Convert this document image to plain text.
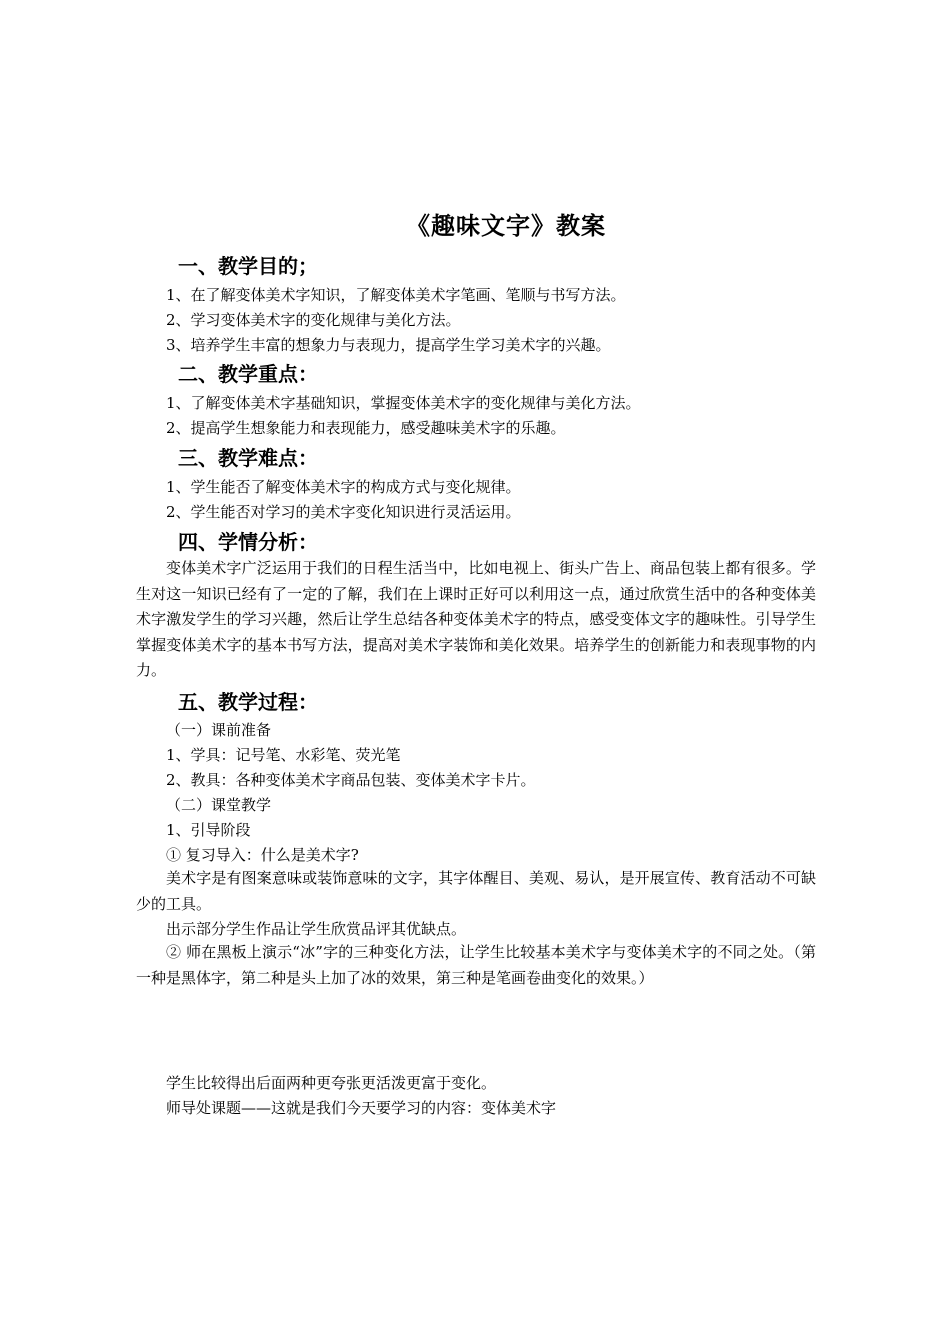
《趣味文字》教案
一、教学目的；
1、在了解变体美术字知识，了解变体美术字笔画、笔顺与书写方法。
2、学习变体美术字的变化规律与美化方法。
3、培养学生丰富的想象力与表现力，提高学生学习美术字的兴趣。
二、教学重点：
1、了解变体美术字基础知识，掌握变体美术字的变化规律与美化方法。
2、提高学生想象能力和表现能力，感受趣味美术字的乐趣。
三、教学难点：
1、学生能否了解变体美术字的构成方式与变化规律。
2、学生能否对学习的美术字变化知识进行灵活运用。
四、学情分析：
变体美术字广泛运用于我们的日程生活当中，比如电视上、街头广告上、商品包装上都有很多。学生对这一知识已经有了一定的了解，我们在上课时正好可以利用这一点，通过欣赏生活中的各种变体美术字激发学生的学习兴趣，然后让学生总结各种变体美术字的特点，感受变体文字的趣味性。引导学生掌握变体美术字的基本书写方法，提高对美术字装饰和美化效果。培养学生的创新能力和表现事物的内力。
五、教学过程：
（一）课前准备
1、学具：记号笔、水彩笔、荧光笔
2、教具：各种变体美术字商品包装、变体美术字卡片。
（二）课堂教学
1、引导阶段
① 复习导入：什么是美术字?
美术字是有图案意味或装饰意味的文字，其字体醒目、美观、易认，是开展宣传、教育活动不可缺少的工具。
出示部分学生作品让学生欣赏品评其优缺点。
② 师在黑板上演示“冰”字的三种变化方法，让学生比较基本美术字与变体美术字的不同之处。（第一种是黑体字，第二种是头上加了冰的效果，第三种是笔画卷曲变化的效果。）
学生比较得出后面两种更夸张更活泼更富于变化。
师导处课题——这就是我们今天要学习的内容：变体美术字
